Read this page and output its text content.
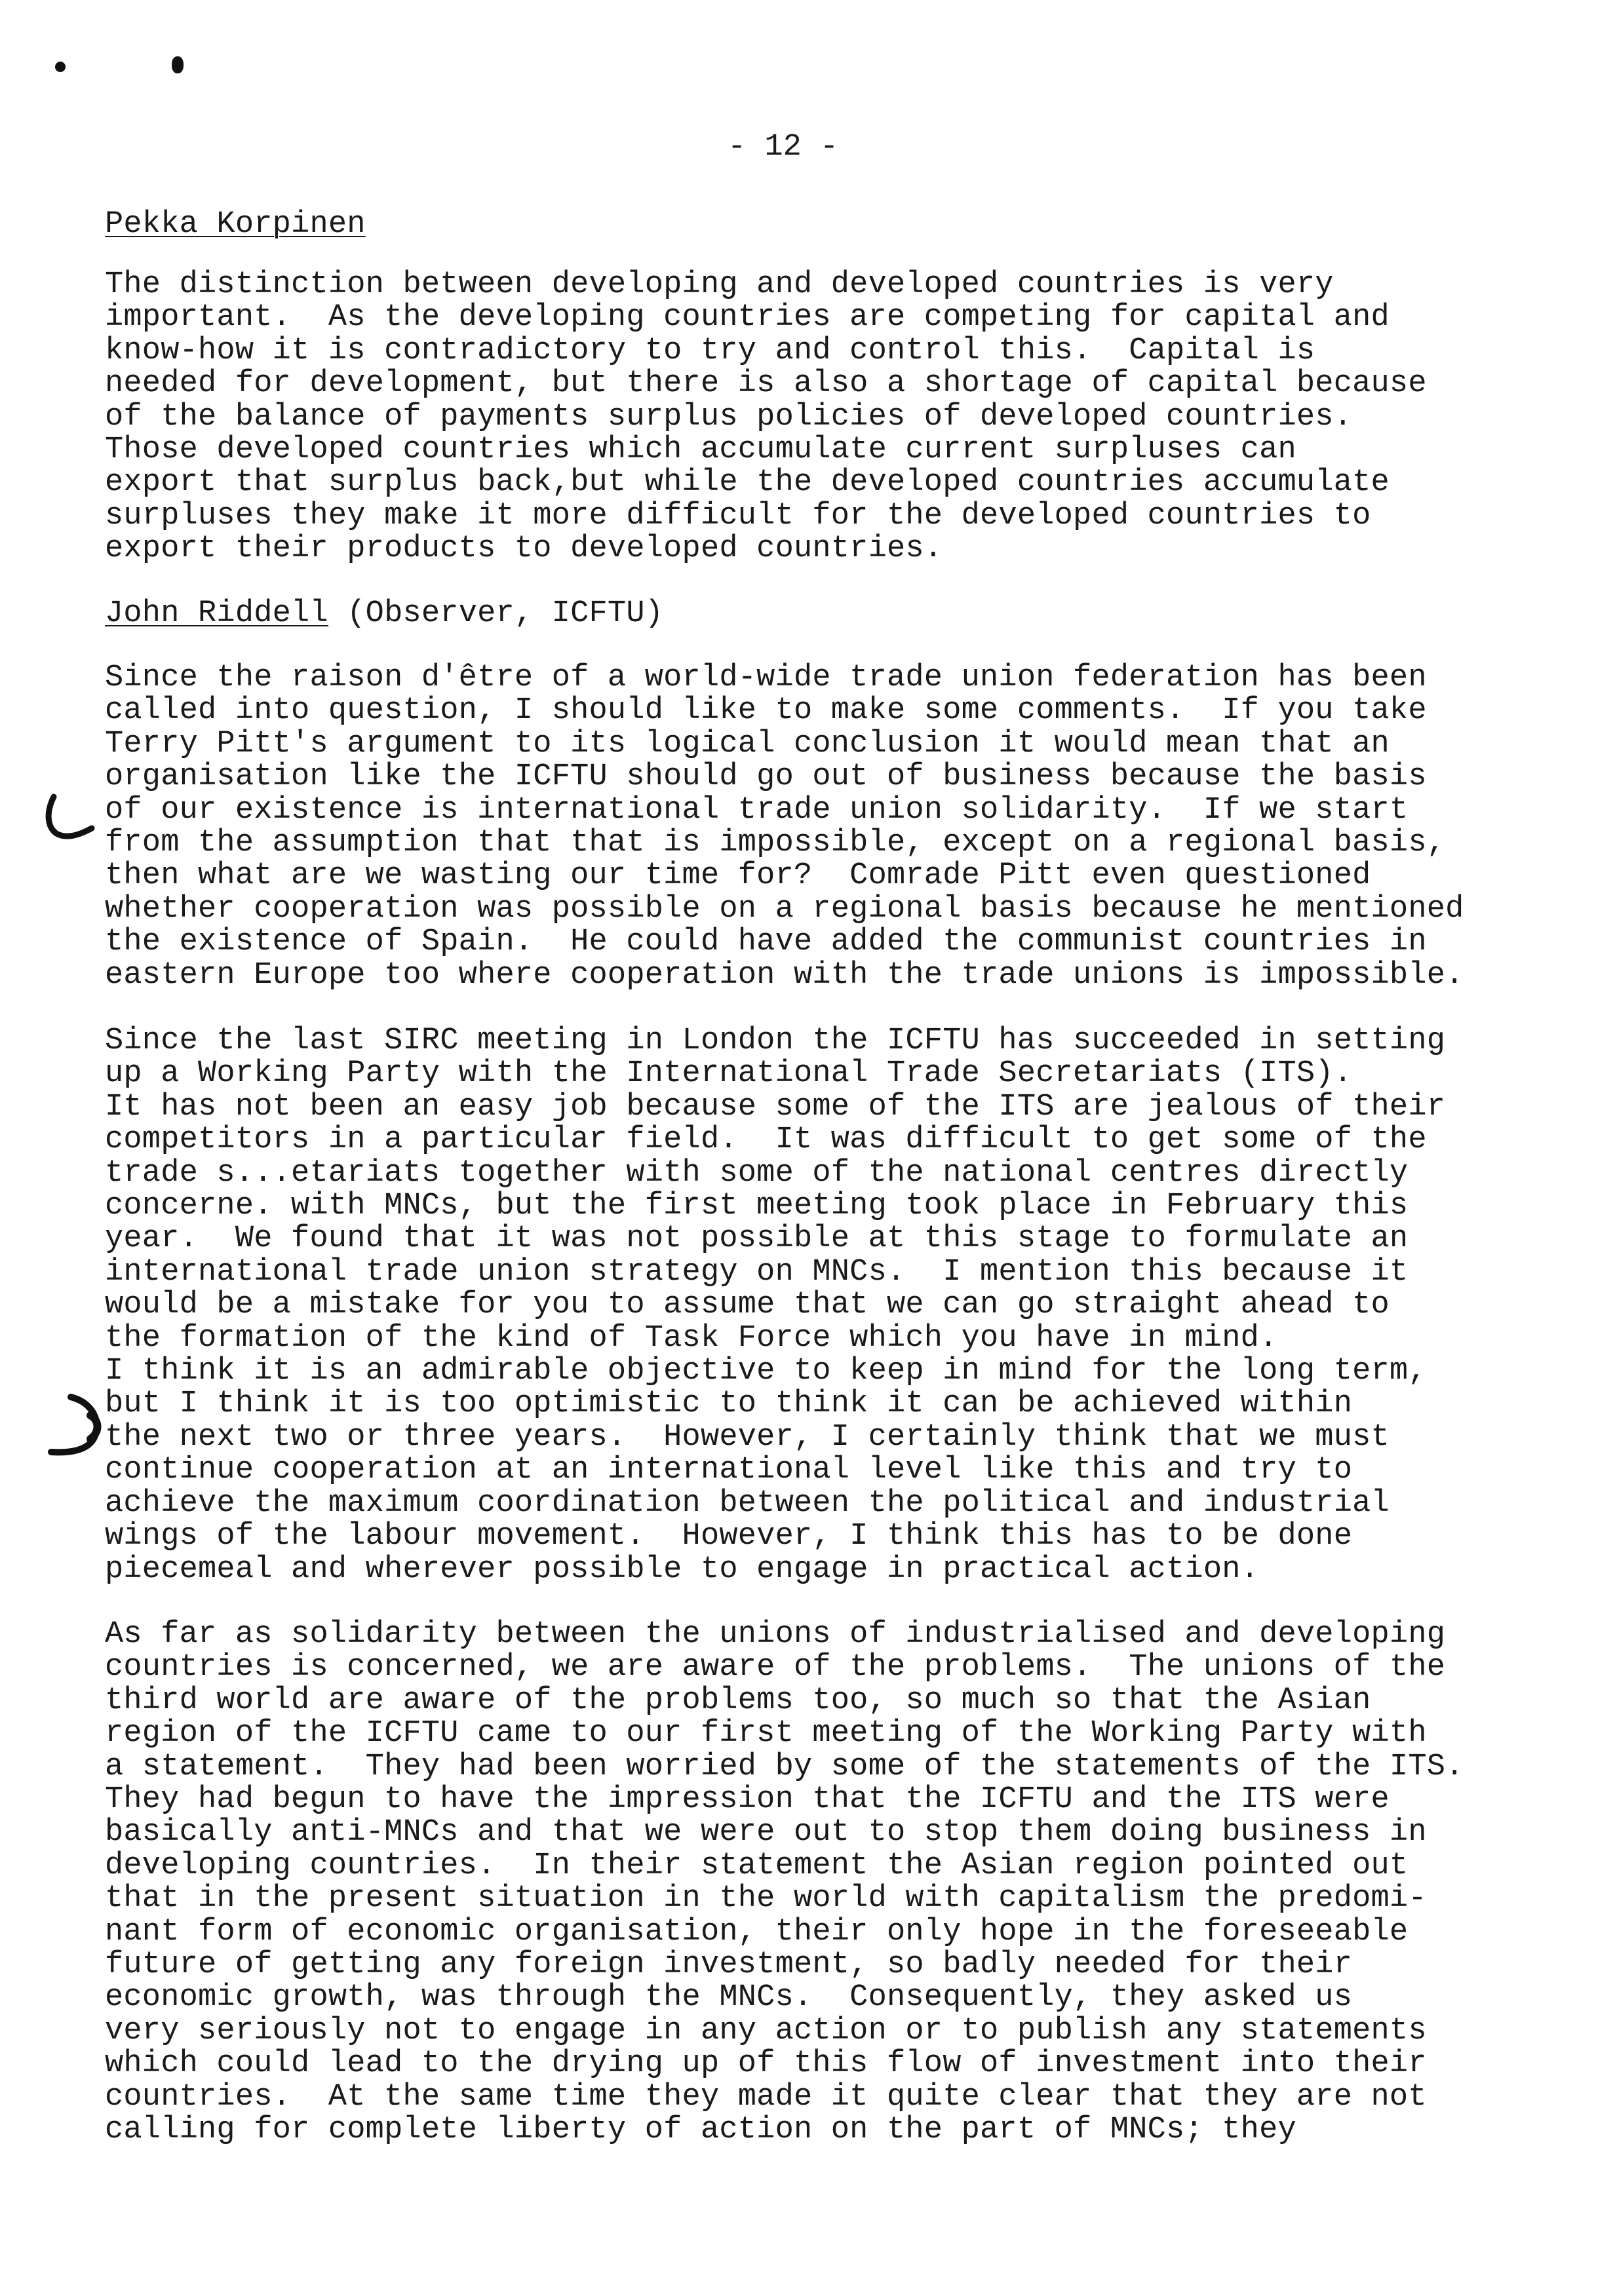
- 12 -
Pekka Korpinen
The distinction between developing and developed countries is very
important.  As the developing countries are competing for capital and
know-how it is contradictory to try and control this.  Capital is
needed for development, but there is also a shortage of capital because
of the balance of payments surplus policies of developed countries.
Those developed countries which accumulate current surpluses can
export that surplus back,but while the developed countries accumulate
surpluses they make it more difficult for the developed countries to
export their products to developed countries.
John Riddell (Observer, ICFTU)
Since the raison d'être of a world-wide trade union federation has been
called into question, I should like to make some comments.  If you take
Terry Pitt's argument to its logical conclusion it would mean that an
organisation like the ICFTU should go out of business because the basis
of our existence is international trade union solidarity.  If we start
from the assumption that that is impossible, except on a regional basis,
then what are we wasting our time for?  Comrade Pitt even questioned
whether cooperation was possible on a regional basis because he mentioned
the existence of Spain.  He could have added the communist countries in
eastern Europe too where cooperation with the trade unions is impossible.
Since the last SIRC meeting in London the ICFTU has succeeded in setting
up a Working Party with the International Trade Secretariats (ITS).
It has not been an easy job because some of the ITS are jealous of their
competitors in a particular field.  It was difficult to get some of the
trade s...etariats together with some of the national centres directly
concerne. with MNCs, but the first meeting took place in February this
year.  We found that it was not possible at this stage to formulate an
international trade union strategy on MNCs.  I mention this because it
would be a mistake for you to assume that we can go straight ahead to
the formation of the kind of Task Force which you have in mind.
I think it is an admirable objective to keep in mind for the long term,
but I think it is too optimistic to think it can be achieved within
the next two or three years.  However, I certainly think that we must
continue cooperation at an international level like this and try to
achieve the maximum coordination between the political and industrial
wings of the labour movement.  However, I think this has to be done
piecemeal and wherever possible to engage in practical action.
As far as solidarity between the unions of industrialised and developing
countries is concerned, we are aware of the problems.  The unions of the
third world are aware of the problems too, so much so that the Asian
region of the ICFTU came to our first meeting of the Working Party with
a statement.  They had been worried by some of the statements of the ITS.
They had begun to have the impression that the ICFTU and the ITS were
basically anti-MNCs and that we were out to stop them doing business in
developing countries.  In their statement the Asian region pointed out
that in the present situation in the world with capitalism the predomi-
nant form of economic organisation, their only hope in the foreseeable
future of getting any foreign investment, so badly needed for their
economic growth, was through the MNCs.  Consequently, they asked us
very seriously not to engage in any action or to publish any statements
which could lead to the drying up of this flow of investment into their
countries.  At the same time they made it quite clear that they are not
calling for complete liberty of action on the part of MNCs; they
